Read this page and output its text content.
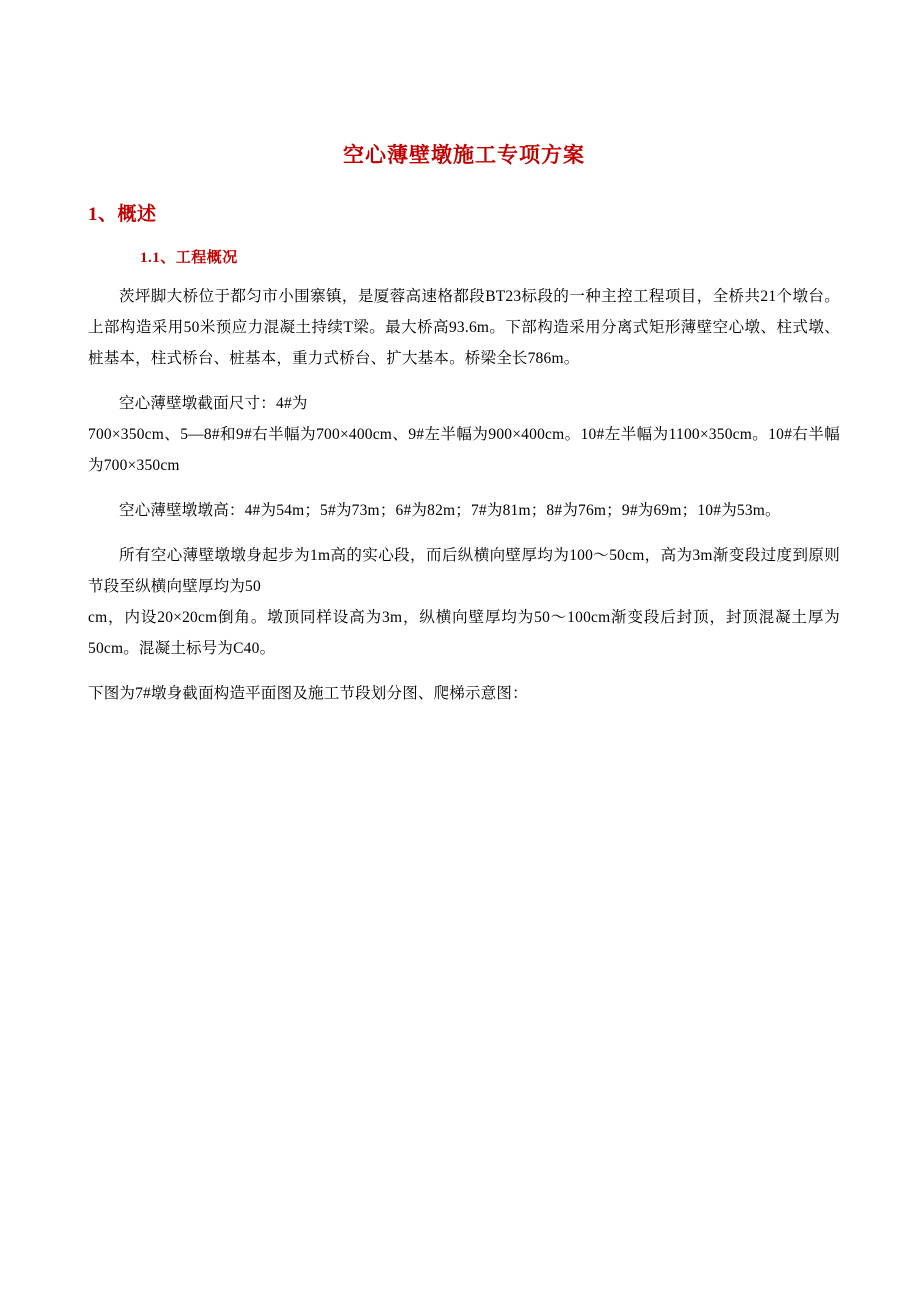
空心薄壁墩施工专项方案
1、概述
1.1、工程概况
茨坪脚大桥位于都匀市小围寨镇，是厦蓉高速格都段BT23标段的一种主控工程项目，全桥共21个墩台。上部构造采用50米预应力混凝土持续T梁。最大桥高93.6m。下部构造采用分离式矩形薄壁空心墩、柱式墩、桩基本，柱式桥台、桩基本，重力式桥台、扩大基本。桥梁全长786m。
空心薄壁墩截面尺寸：4#为
700×350cm、5—8#和9#右半幅为700×400cm、9#左半幅为900×400cm。10#左半幅为1100×350cm。10#右半幅为700×350cm
空心薄壁墩墩高：4#为54m；5#为73m；6#为82m；7#为81m；8#为76m；9#为69m；10#为53m。
所有空心薄壁墩墩身起步为1m高的实心段，而后纵横向壁厚均为100～50cm，高为3m渐变段过度到原则节段至纵横向壁厚均为50
cm，内设20×20cm倒角。墩顶同样设高为3m，纵横向壁厚均为50～100cm渐变段后封顶，封顶混凝土厚为50cm。混凝土标号为C40。
下图为7#墩身截面构造平面图及施工节段划分图、爬梯示意图：
